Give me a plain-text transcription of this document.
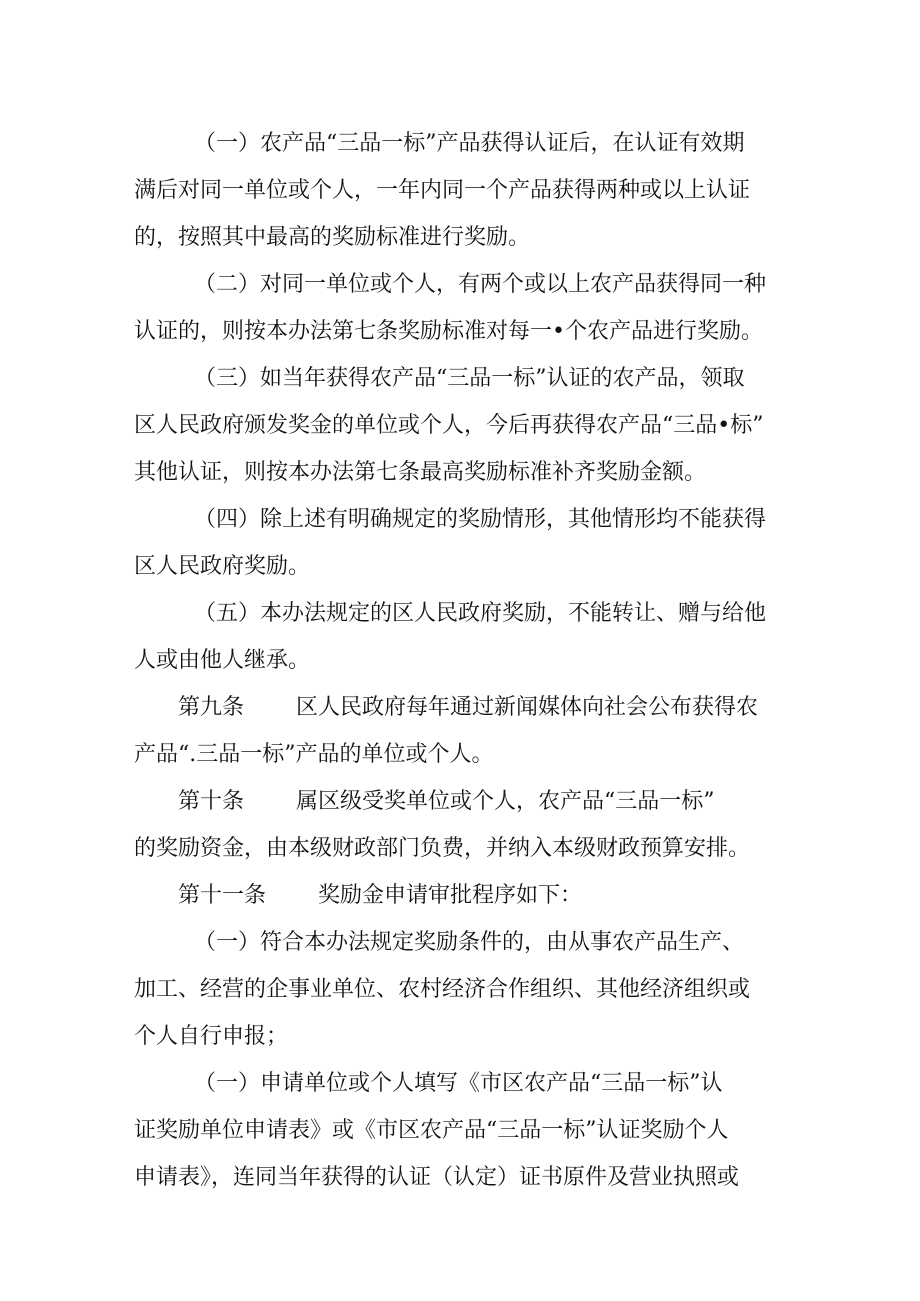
（一）农产品“三品一标”产品获得认证后，在认证有效期
满后对同一单位或个人，一年内同一个产品获得两种或以上认证
的，按照其中最高的奖励标准进行奖励。
（二）对同一单位或个人，有两个或以上农产品获得同一种
认证的，则按本办法第七条奖励标准对每一•个农产品进行奖励。
（三）如当年获得农产品“三品一标”认证的农产品，领取
区人民政府颁发奖金的单位或个人，今后再获得农产品“三品•标”
其他认证，则按本办法第七条最高奖励标准补齐奖励金额。
（四）除上述有明确规定的奖励情形，其他情形均不能获得
区人民政府奖励。
（五）本办法规定的区人民政府奖励，不能转让、赠与给他
人或由他人继承。
第九条 区人民政府每年通过新闻媒体向社会公布获得农
产品“.三品一标”产品的单位或个人。
第十条 属区级受奖单位或个人，农产品“三品一标”
的奖励资金，由本级财政部门负费，并纳入本级财政预算安排。
第十一条 奖励金申请审批程序如下：
（一）符合本办法规定奖励条件的，由从事农产品生产、
加工、经营的企事业单位、农村经济合作组织、其他经济组织或
个人自行申报；
（一）申请单位或个人填写《市区农产品“三品一标”认
证奖励单位申请表》或《市区农产品“三品一标”认证奖励个人
申请表》，连同当年获得的认证（认定）证书原件及营业执照或
